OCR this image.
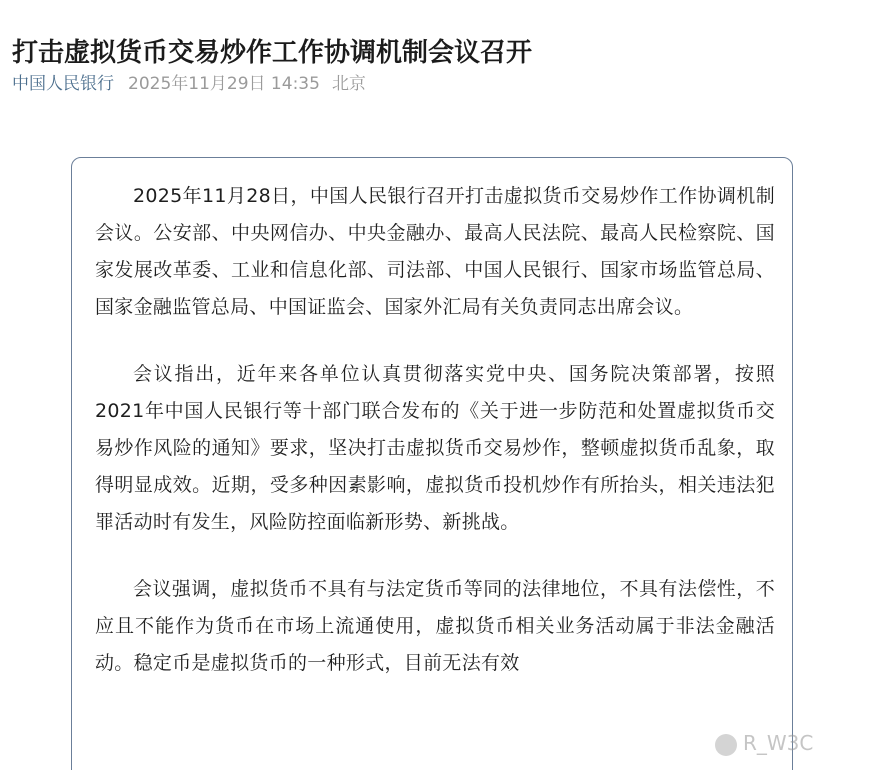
打击虚拟货币交易炒作工作协调机制会议召开
中国人民银行 2025年11月29日 14:35 北京

2025年11月28日，中国人民银行召开打击虚拟货币交易炒作工作协调机制会议。公安部、中央网信办、中央金融办、最高人民法院、最高人民检察院、国家发展改革委、工业和信息化部、司法部、中国人民银行、国家市场监管总局、国家金融监管总局、中国证监会、国家外汇局有关负责同志出席会议。

会议指出，近年来各单位认真贯彻落实党中央、国务院决策部署，按照2021年中国人民银行等十部门联合发布的《关于进一步防范和处置虚拟货币交易炒作风险的通知》要求，坚决打击虚拟货币交易炒作，整顿虚拟货币乱象，取得明显成效。近期，受多种因素影响，虚拟货币投机炒作有所抬头，相关违法犯罪活动时有发生，风险防控面临新形势、新挑战。

会议强调，虚拟货币不具有与法定货币等同的法律地位，不具有法偿性，不应且不能作为货币在市场上流通使用，虚拟货币相关业务活动属于非法金融活动。稳定币是虚拟货币的一种形式，目前无法有效

R_W3C
